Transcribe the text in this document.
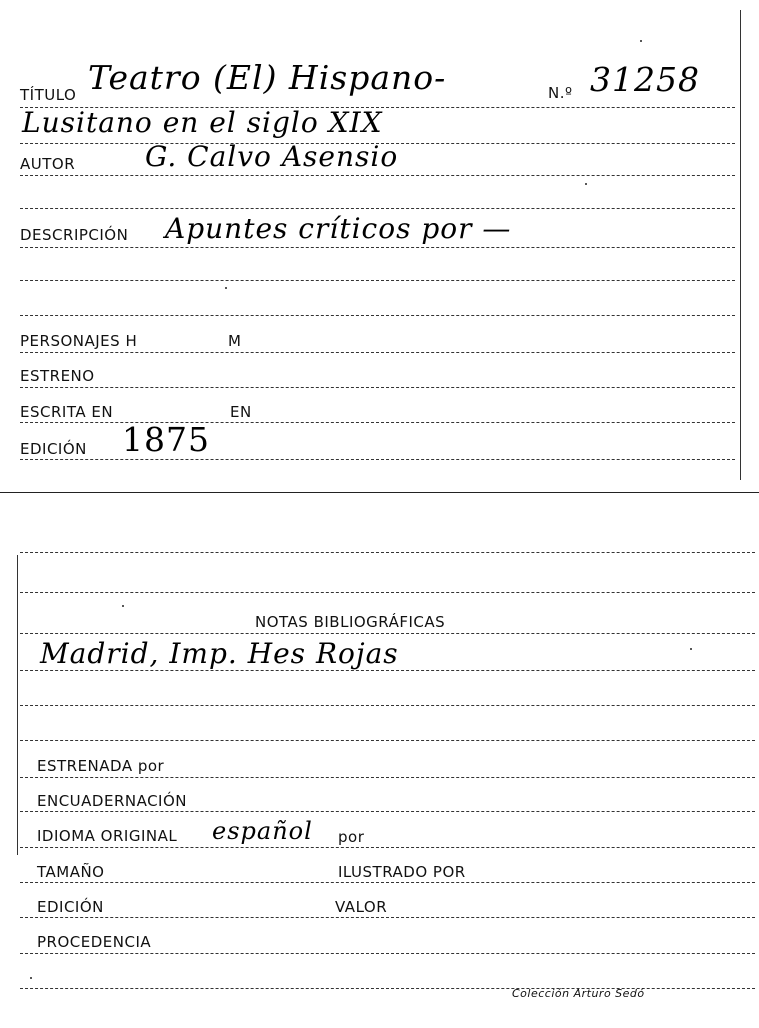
TÍTULO Teatro (El) Hispano-	N.º 31258
Lusitano en el siglo XIX
AUTOR G. Calvo Asensio
DESCRIPCIÓN Apuntes críticos por —
PERSONAJES H	M
ESTRENO
ESCRITA EN	EN
EDICIÓN 1875
NOTAS BIBLIOGRÁFICAS
Madrid, Imp. Hes Rojas
ESTRENADA por
ENCUADERNACIÓN
IDIOMA ORIGINAL español por
TAMAÑO	ILUSTRADO POR
EDICIÓN	VALOR
PROCEDENCIA
Colección Arturo Sedó
